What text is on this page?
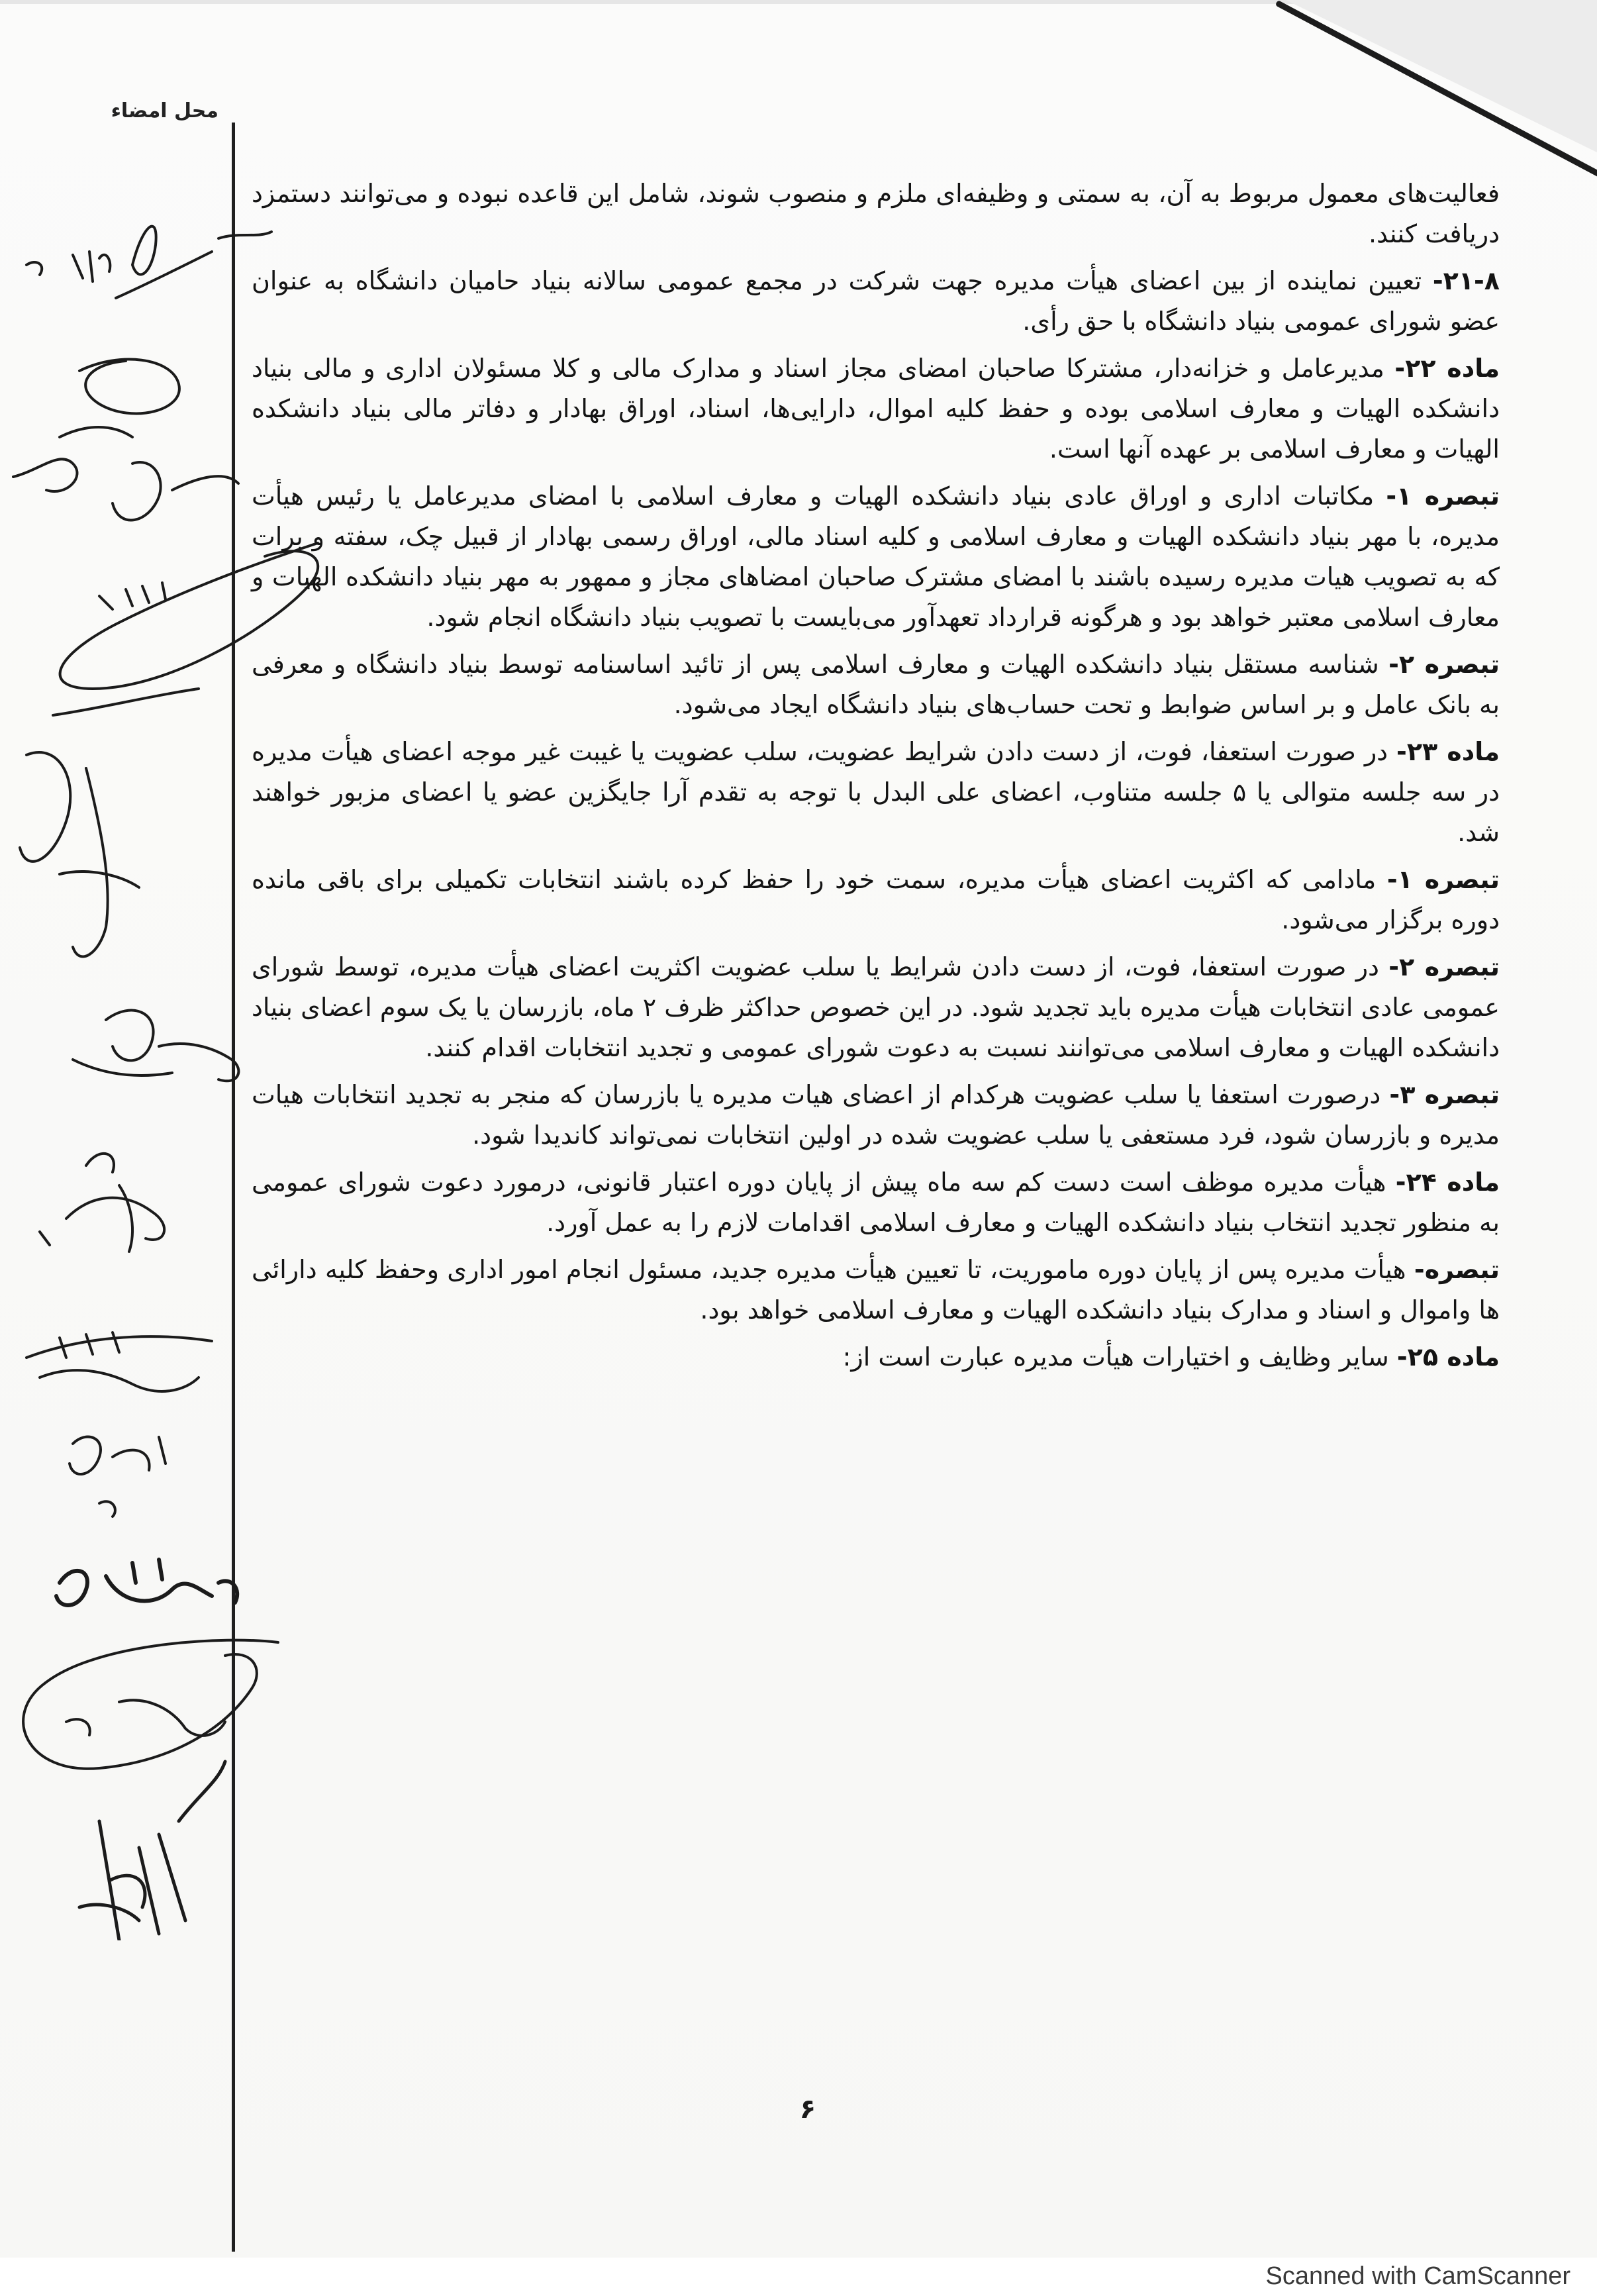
محل امضاء

فعالیت‌های معمول مربوط به آن، به سمتی و وظیفه‌ای ملزم و منصوب شوند، شامل این قاعده نبوده و می‌توانند دستمزد دریافت کنند.

۲۱-۸- تعیین نماینده از بین اعضای هیأت مدیره جهت شرکت در مجمع عمومی سالانه بنیاد حامیان دانشگاه به عنوان عضو شورای عمومی بنیاد دانشگاه با حق رأی.

ماده ۲۲- مدیرعامل و خزانه‌دار، مشترکا صاحبان امضای مجاز اسناد و مدارک مالی و کلا مسئولان اداری و مالی بنیاد دانشکده الهیات و معارف اسلامی بوده و حفظ کلیه اموال، دارایی‌ها، اسناد، اوراق بهادار و دفاتر مالی بنیاد دانشکده الهیات و معارف اسلامی بر عهده آنها است.

تبصره ۱- مکاتبات اداری و اوراق عادی بنیاد دانشکده الهیات و معارف اسلامی با امضای مدیرعامل یا رئیس هیأت مدیره، با مهر بنیاد دانشکده الهیات و معارف اسلامی و کلیه اسناد مالی، اوراق رسمی بهادار از قبیل چک، سفته و برات که به تصویب هیات مدیره رسیده باشند با امضای مشترک صاحبان امضاهای مجاز و ممهور به مهر بنیاد دانشکده الهیات و معارف اسلامی معتبر خواهد بود و هرگونه قرارداد تعهدآور می‌بایست با تصویب بنیاد دانشگاه انجام شود.

تبصره ۲- شناسه مستقل بنیاد دانشکده الهیات و معارف اسلامی پس از تائید اساسنامه توسط بنیاد دانشگاه و معرفی به بانک عامل و بر اساس ضوابط و تحت حساب‌های بنیاد دانشگاه ایجاد می‌شود.

ماده ۲۳- در صورت استعفا، فوت، از دست دادن شرایط عضویت، سلب عضویت یا غیبت غیر موجه اعضای هیأت مدیره در سه جلسه متوالی یا ۵ جلسه متناوب، اعضای علی البدل با توجه به تقدم آرا جایگزین عضو یا اعضای مزبور خواهند شد.

تبصره ۱- مادامی که اکثریت اعضای هیأت مدیره، سمت خود را حفظ کرده باشند انتخابات تکمیلی برای باقی مانده دوره برگزار می‌شود.

تبصره ۲- در صورت استعفا، فوت، از دست دادن شرایط یا سلب عضویت اکثریت اعضای هیأت مدیره، توسط شورای عمومی عادی انتخابات هیأت مدیره باید تجدید شود. در این خصوص حداکثر ظرف ۲ ماه، بازرسان یا یک سوم اعضای بنیاد دانشکده الهیات و معارف اسلامی می‌توانند نسبت به دعوت شورای عمومی و تجدید انتخابات اقدام کنند.

تبصره ۳- درصورت استعفا یا سلب عضویت هرکدام از اعضای هیات مدیره یا بازرسان که منجر به تجدید انتخابات هیات مدیره و بازرسان شود، فرد مستعفی یا سلب عضویت شده در اولین انتخابات نمی‌تواند کاندیدا شود.

ماده ۲۴- هیأت مدیره موظف است دست کم سه ماه پیش از پایان دوره اعتبار قانونی، درمورد دعوت شورای عمومی به منظور تجدید انتخاب بنیاد دانشکده الهیات و معارف اسلامی اقدامات لازم را به عمل آورد.

تبصره- هیأت مدیره پس از پایان دوره ماموریت، تا تعیین هیأت مدیره جدید، مسئول انجام امور اداری وحفظ کلیه دارائی ها واموال و اسناد و مدارک بنیاد دانشکده الهیات و معارف اسلامی خواهد بود.

ماده ۲۵- سایر وظایف و اختیارات هیأت مدیره عبارت است از:

۶
Scanned with CamScanner
